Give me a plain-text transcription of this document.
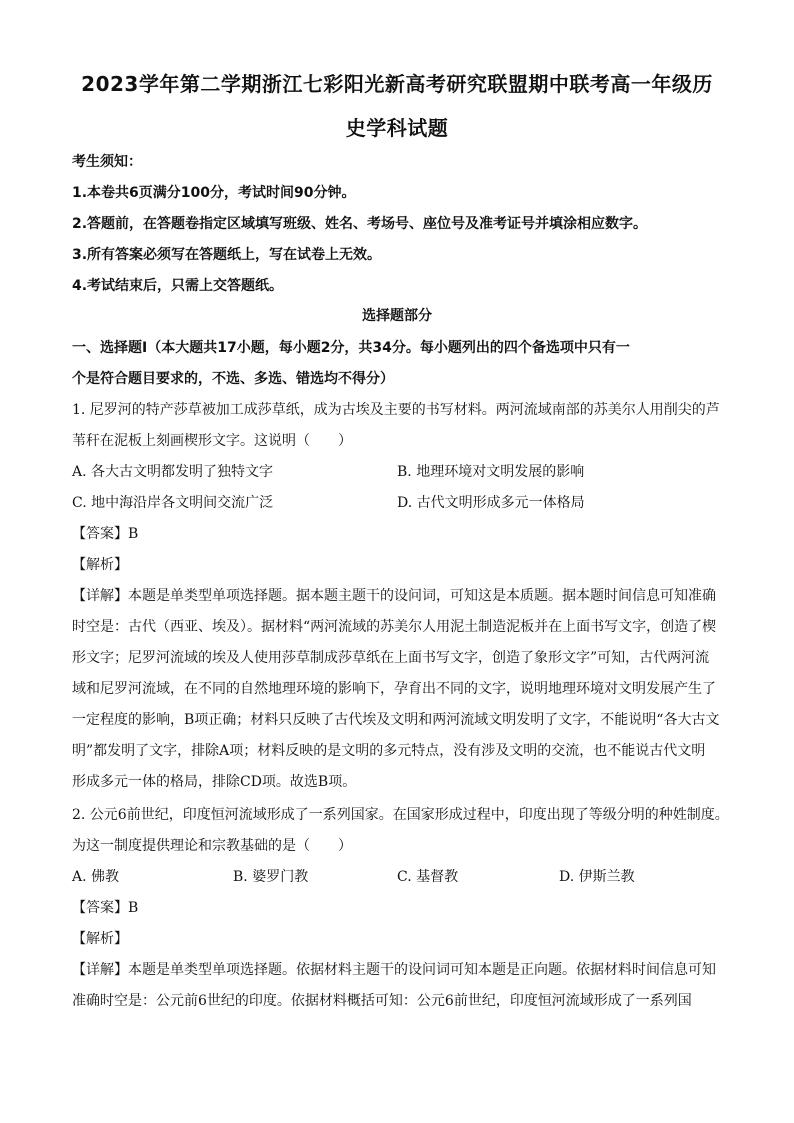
2023学年第二学期浙江七彩阳光新高考研究联盟期中联考高一年级历
史学科试题
考生须知：
1.本卷共6页满分100分，考试时间90分钟。
2.答题前，在答题卷指定区域填写班级、姓名、考场号、座位号及准考证号并填涂相应数字。
3.所有答案必须写在答题纸上，写在试卷上无效。
4.考试结束后，只需上交答题纸。
选择题部分
一、选择题Ⅰ（本大题共17小题，每小题2分，共34分。每小题列出的四个备选项中只有一
个是符合题目要求的，不选、多选、错选均不得分）
1. 尼罗河的特产莎草被加工成莎草纸，成为古埃及主要的书写材料。两河流域南部的苏美尔人用削尖的芦
苇秆在泥板上刻画楔形文字。这说明（　　）
A. 各大古文明都发明了独特文字	B. 地理环境对文明发展的影响
C. 地中海沿岸各文明间交流广泛	D. 古代文明形成多元一体格局
【答案】B
【解析】
【详解】本题是单类型单项选择题。据本题主题干的设问词，可知这是本质题。据本题时间信息可知准确
时空是：古代（西亚、埃及）。据材料“两河流域的苏美尔人用泥土制造泥板并在上面书写文字，创造了楔
形文字；尼罗河流域的埃及人使用莎草制成莎草纸在上面书写文字，创造了象形文字”可知，古代两河流
域和尼罗河流域，在不同的自然地理环境的影响下，孕育出不同的文字，说明地理环境对文明发展产生了
一定程度的影响，B项正确；材料只反映了古代埃及文明和两河流域文明发明了文字，不能说明“各大古文
明”都发明了文字，排除A项；材料反映的是文明的多元特点，没有涉及文明的交流，也不能说古代文明
形成多元一体的格局，排除CD项。故选B项。
2. 公元6前世纪，印度恒河流域形成了一系列国家。在国家形成过程中，印度出现了等级分明的种姓制度。
为这一制度提供理论和宗教基础的是（　　）
A. 佛教	B. 婆罗门教	C. 基督教	D. 伊斯兰教
【答案】B
【解析】
【详解】本题是单类型单项选择题。依据材料主题干的设问词可知本题是正向题。依据材料时间信息可知
准确时空是：公元前6世纪的印度。依据材料概括可知：公元6前世纪，印度恒河流域形成了一系列国
